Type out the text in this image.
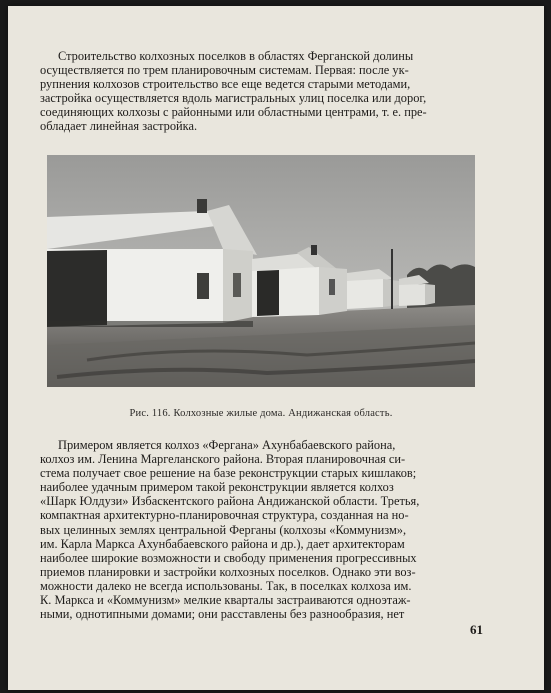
Строительство колхозных поселков в областях Ферганской долины
осуществляется по трем планировочным системам. Первая: после ук-
рупнения колхозов строительство все еще ведется старыми методами,
застройка осуществляется вдоль магистральных улиц поселка или дорог,
соединяющих колхозы с районными или областными центрами, т. е. пре-
обладает линейная застройка.

Рис. 116. Колхозные жилые дома. Андижанская область.

Примером является колхоз «Фергана» Ахунбабаевского района,
колхоз им. Ленина Маргеланского района. Вторая планировочная си-
стема получает свое решение на базе реконструкции старых кишлаков;
наиболее удачным примером такой реконструкции является колхоз
«Шарк Юлдузи» Избаскентского района Андижанской области. Третья,
компактная архитектурно-планировочная структура, созданная на но-
вых целинных землях центральной Ферганы (колхозы «Коммунизм»,
им. Карла Маркса Ахунбабаевского района и др.), дает архитекторам
наиболее широкие возможности и свободу применения прогрессивных
приемов планировки и застройки колхозных поселков. Однако эти воз-
можности далеко не всегда использованы. Так, в поселках колхоза им.
К. Маркса и «Коммунизм» мелкие кварталы застраиваются одноэтаж-
ными, однотипными домами; они расставлены без разнообразия, нет

61
